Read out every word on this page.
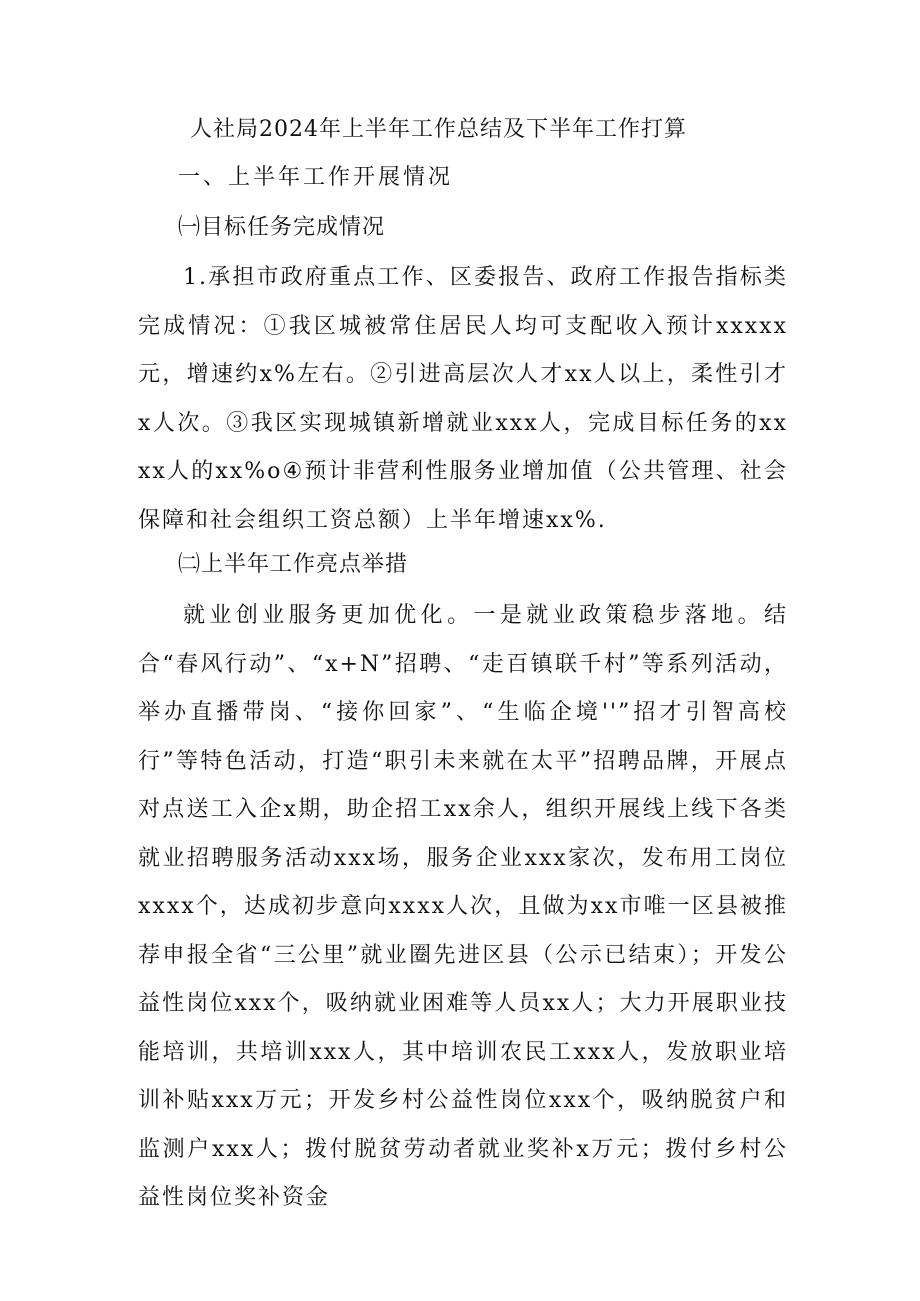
人社局2024年上半年工作总结及下半年工作打算
一、上半年工作开展情况
㈠目标任务完成情况
1.承担市政府重点工作、区委报告、政府工作报告指标类完成情况：①我区城被常住居民人均可支配收入预计xxxxx元，增速约x%左右。②引进高层次人才xx人以上，柔性引才x人次。③我区实现城镇新增就业xxx人，完成目标任务的xxxx人的xx%o④预计非营利性服务业增加值（公共管理、社会保障和社会组织工资总额）上半年增速xx%.
㈡上半年工作亮点举措
就业创业服务更加优化。一是就业政策稳步落地。结合“春风行动”、“x+N”招聘、“走百镇联千村”等系列活动，举办直播带岗、“接你回家”、“生临企境''”招才引智高校行”等特色活动，打造“职引未来就在太平”招聘品牌，开展点对点送工入企x期，助企招工xx余人，组织开展线上线下各类就业招聘服务活动xxx场，服务企业xxx家次，发布用工岗位xxxx个，达成初步意向xxxx人次，且做为xx市唯一区县被推荐申报全省“三公里”就业圈先进区县（公示已结束）；开发公益性岗位xxx个，吸纳就业困难等人员xx人；大力开展职业技能培训，共培训xxx人，其中培训农民工xxx人，发放职业培训补贴xxx万元；开发乡村公益性岗位xxx个，吸纳脱贫户和监测户xxx人；拨付脱贫劳动者就业奖补x万元；拨付乡村公益性岗位奖补资金
